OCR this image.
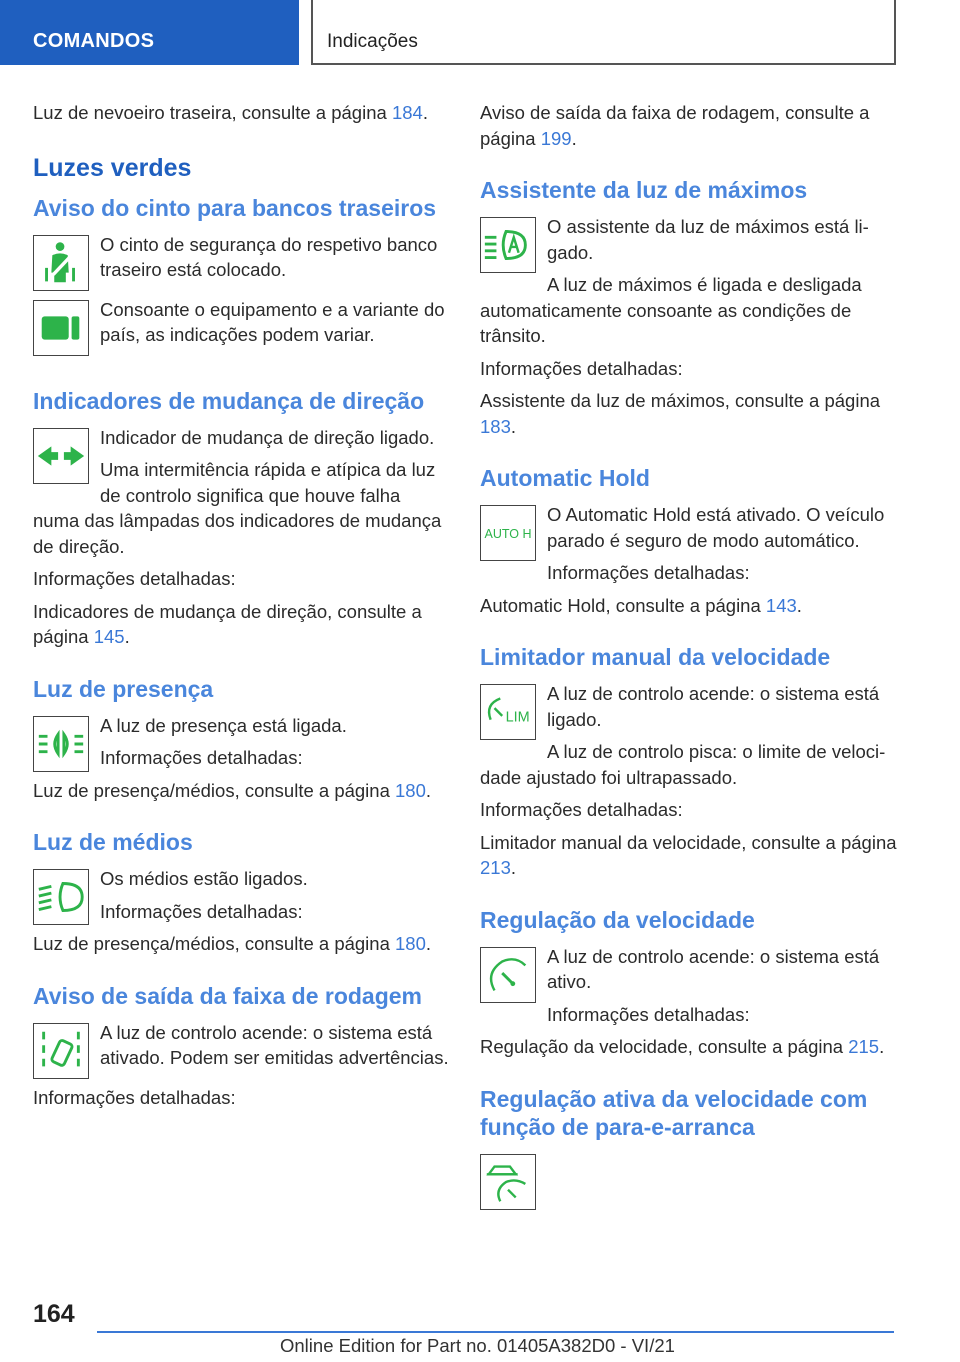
COMANDOS	Indicações

Luz de nevoeiro traseira, consulte a página 184.

Luzes verdes
Aviso do cinto para bancos traseiros

O cinto de segurança do respetivo banco traseiro está colocado.

Consoante o equipamento e a variante do país, as indicações podem variar.

Indicadores de mudança de direção

Indicador de mudança de direção ligado.

Uma intermitência rápida e atípica da luz de controlo significa que houve falha numa das lâmpadas dos indicadores de mudança de direção.

Informações detalhadas:

Indicadores de mudança de direção, consulte a página 145.

Luz de presença

A luz de presença está ligada.

Informações detalhadas:

Luz de presença/médios, consulte a página 180.

Luz de médios

Os médios estão ligados.

Informações detalhadas:

Luz de presença/médios, consulte a página 180.

Aviso de saída da faixa de rodagem

A luz de controlo acende: o sistema está ativado. Podem ser emitidas advertências.

Informações detalhadas:

Aviso de saída da faixa de rodagem, consulte a página 199.

Assistente da luz de máximos

O assistente da luz de máximos está ligado.

A luz de máximos é ligada e desligada automaticamente consoante as condições de trânsito.

Informações detalhadas:

Assistente da luz de máximos, consulte a página 183.

Automatic Hold
AUTO H

O Automatic Hold está ativado. O veículo parado é seguro de modo automático.

Informações detalhadas:

Automatic Hold, consulte a página 143.

Limitador manual da velocidade
LIM

A luz de controlo acende: o sistema está ligado.

A luz de controlo pisca: o limite de velocidade ajustado foi ultrapassado.

Informações detalhadas:

Limitador manual da velocidade, consulte a página 213.

Regulação da velocidade

A luz de controlo acende: o sistema está ativo.

Informações detalhadas:

Regulação da velocidade, consulte a página 215.

Regulação ativa da velocidade com função de para-e-arranca
164
Online Edition for Part no. 01405A382D0 - VI/21
